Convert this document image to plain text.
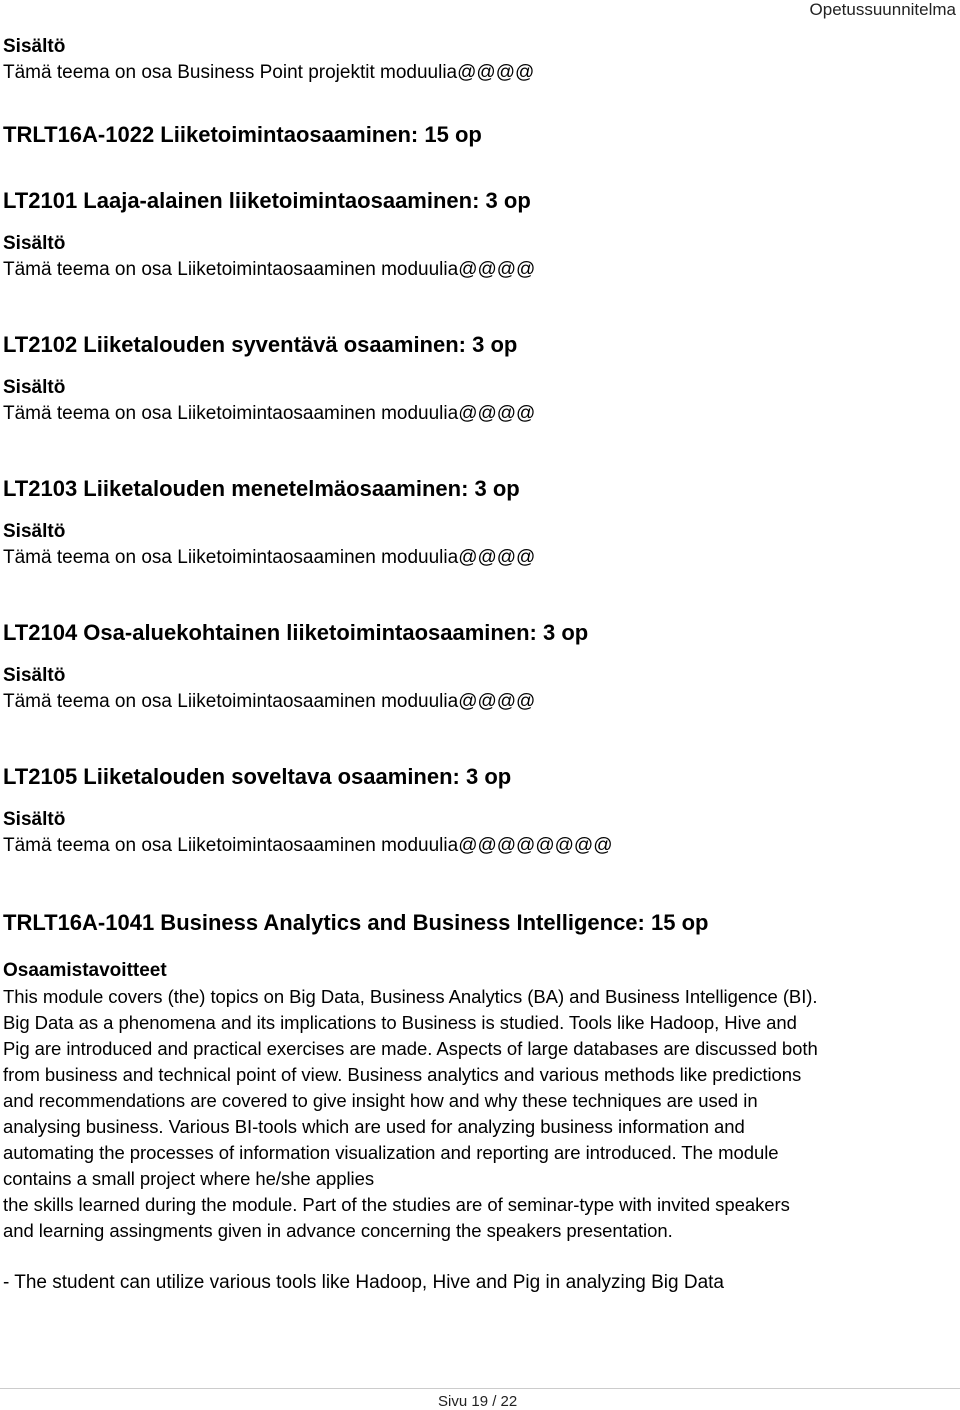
Opetussuunnitelma
Sisältö
Tämä teema on osa Business Point projektit moduulia@@@@
TRLT16A-1022 Liiketoimintaosaaminen: 15 op
LT2101 Laaja-alainen liiketoimintaosaaminen: 3 op
Sisältö
Tämä teema on osa Liiketoimintaosaaminen moduulia@@@@
LT2102 Liiketalouden syventävä osaaminen: 3 op
Sisältö
Tämä teema on osa Liiketoimintaosaaminen moduulia@@@@
LT2103 Liiketalouden menetelmäosaaminen: 3 op
Sisältö
Tämä teema on osa Liiketoimintaosaaminen moduulia@@@@
LT2104 Osa-aluekohtainen liiketoimintaosaaminen: 3 op
Sisältö
Tämä teema on osa Liiketoimintaosaaminen moduulia@@@@
LT2105 Liiketalouden soveltava osaaminen: 3 op
Sisältö
Tämä teema on osa Liiketoimintaosaaminen moduulia@@@@@@@@
TRLT16A-1041 Business Analytics and Business Intelligence: 15 op
Osaamistavoitteet
This module covers (the) topics on Big Data, Business Analytics (BA) and Business Intelligence (BI).
Big Data as a phenomena and its implications to Business is studied. Tools like Hadoop, Hive and
Pig are introduced and practical exercises are made. Aspects of large databases are discussed both
from business and technical point of view. Business analytics and various methods like predictions
and recommendations are covered to give insight how and why these techniques are used in
analysing business. Various BI-tools which are used for analyzing business information and
automating the processes of information visualization and reporting are introduced. The module
contains a small project where he/she applies
the skills learned during the module. Part of the studies are of seminar-type with invited speakers
and learning assingments given in advance concerning the speakers presentation.
- The student can utilize various tools like Hadoop, Hive and Pig in analyzing Big Data
Sivu 19 / 22
